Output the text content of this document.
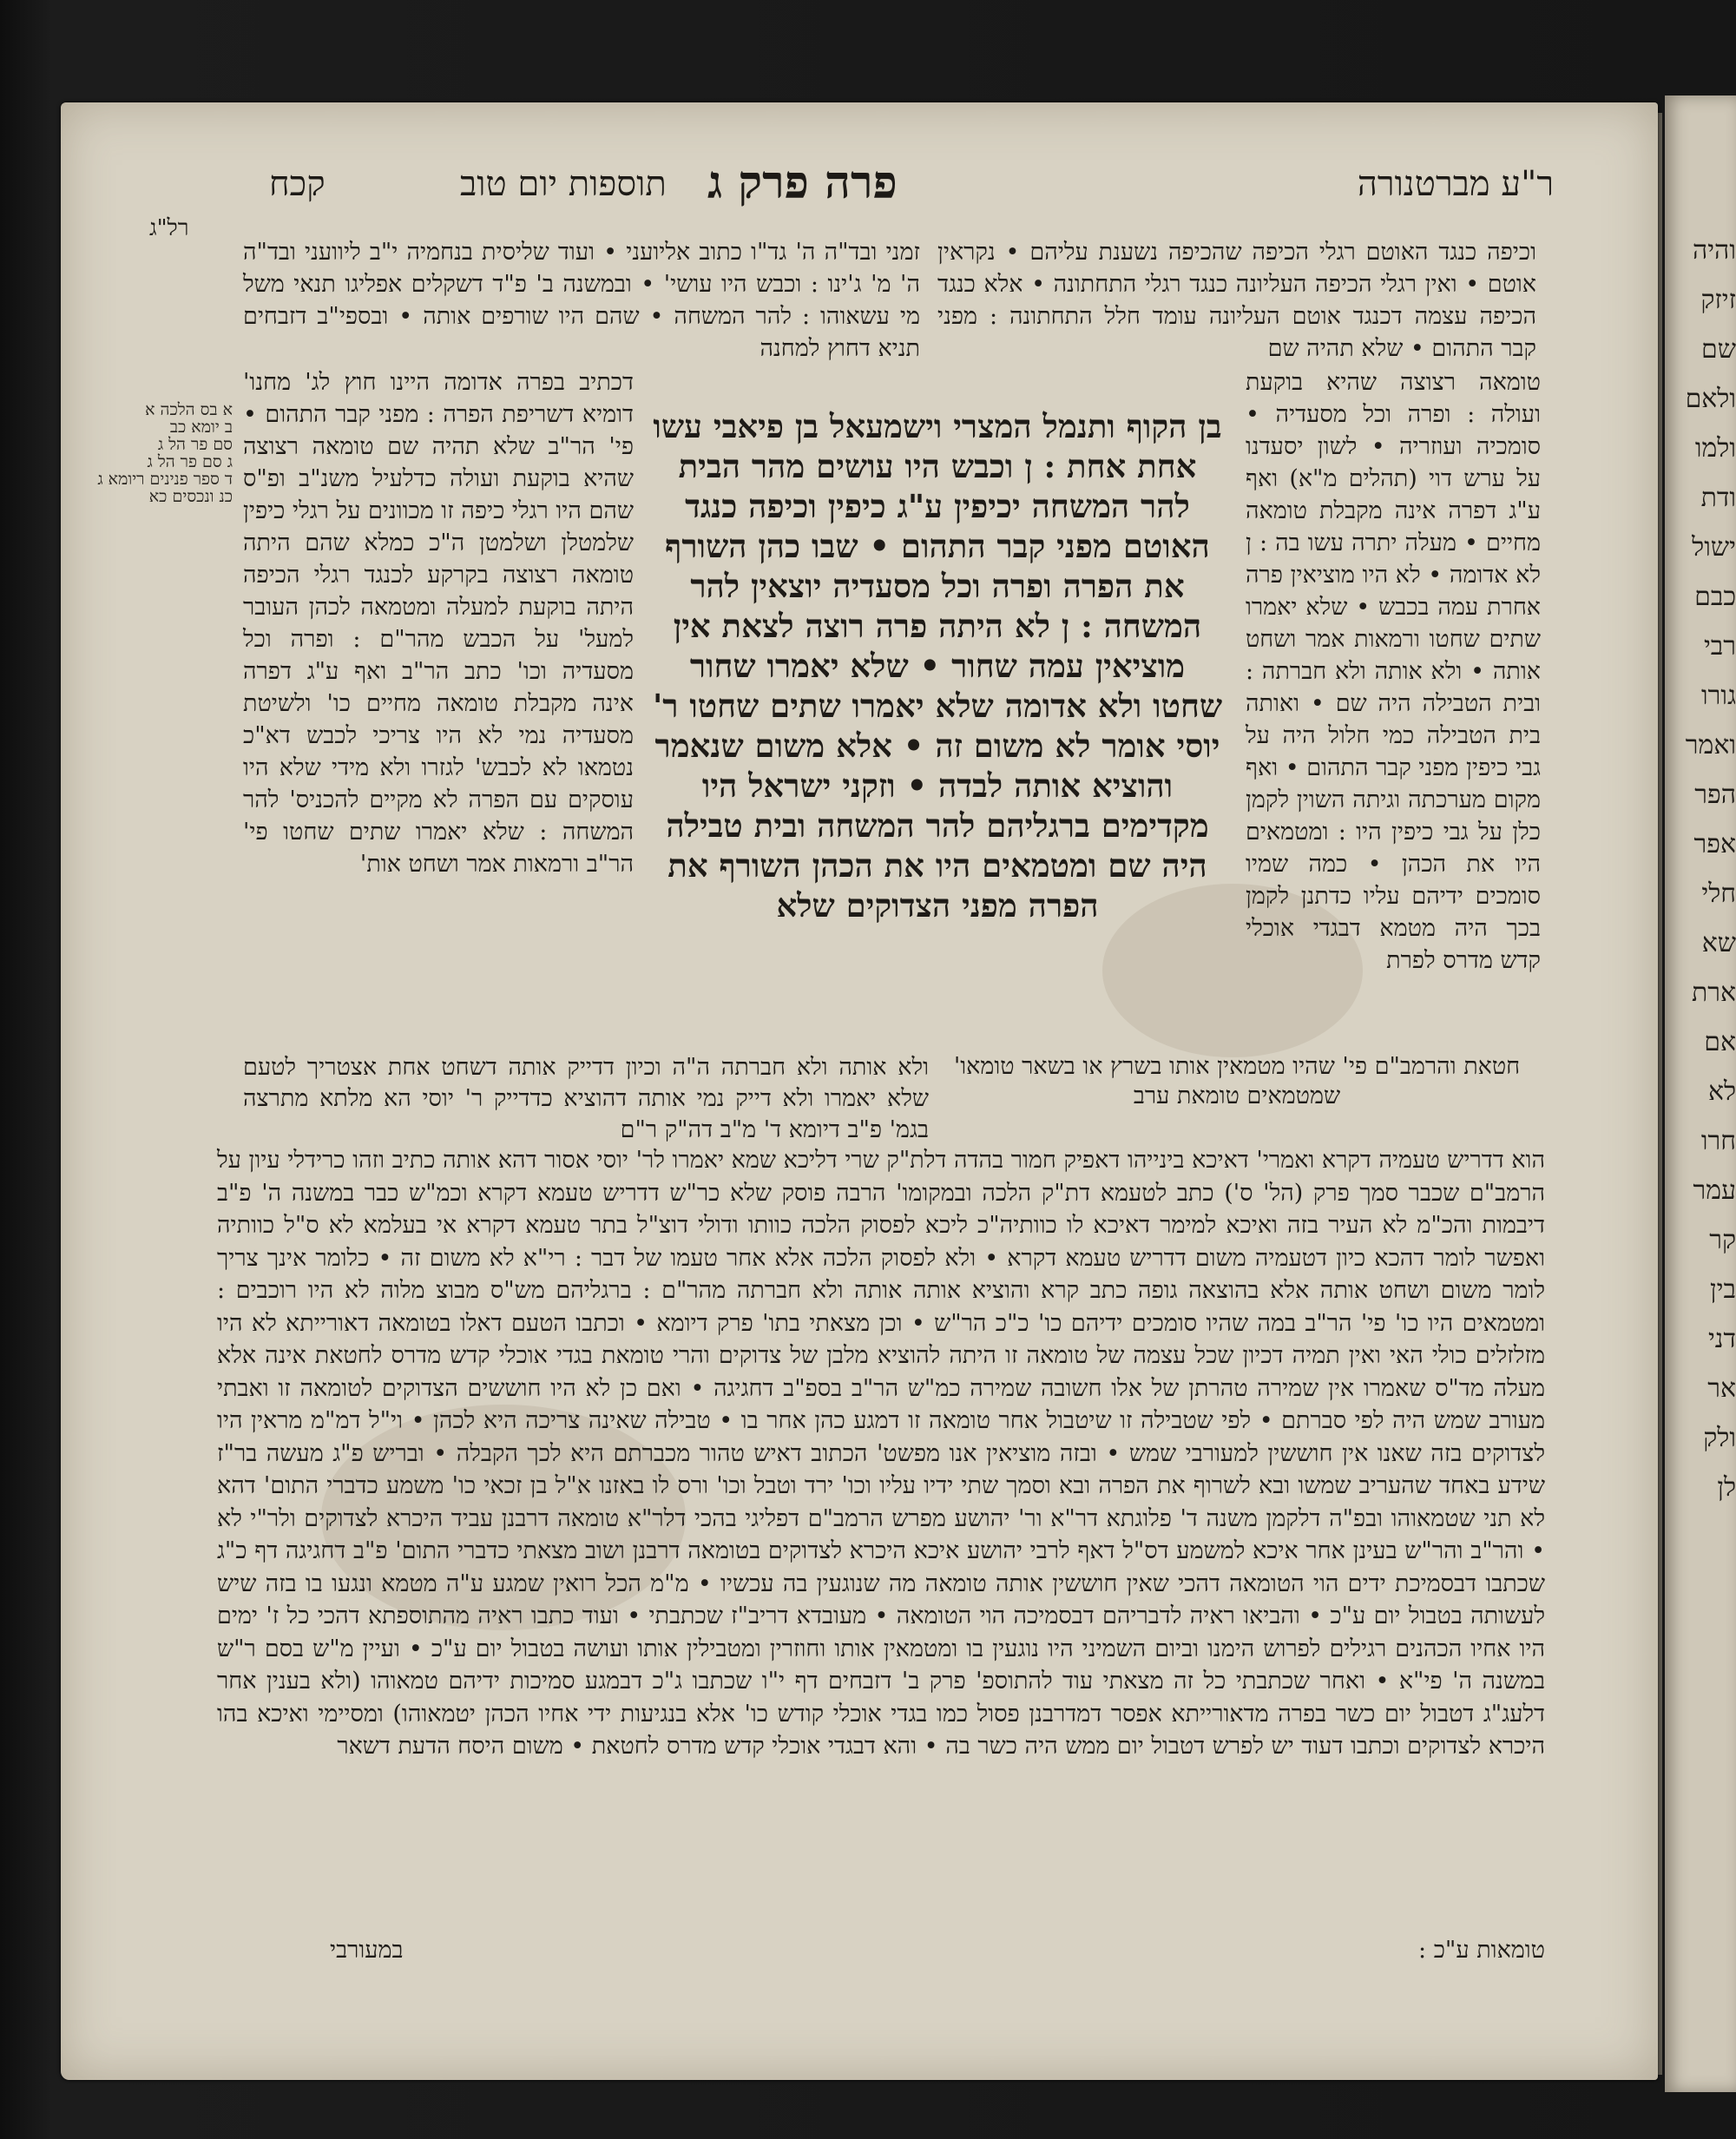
והיה
זיזק
שם
ולאם
ולמו
ודת
ישול
כבם
רבי
גורו
ואמר
הפר
אפר
חלי
שא
ארת
אם
לא
חרו
עמר
קר
בין
דני
אר
ולק
לן
ר"ע מברטנורה
פרה פרק ג
תוספות יום טוב
קכח
רל"ג
וכיפה כנגד האוטם רגלי הכיפה שהכיפה נשענת עליהם • נקראין אוטם • ואין רגלי הכיפה העליונה כנגד רגלי התחתונה • אלא כנגד הכיפה עצמה דכנגד אוטם העליונה עומד חלל התחתונה : מפני קבר התהום • שלא תהיה שם
טומאה רצוצה שהיא בוקעת ועולה : ופרה וכל מסעדיה • סומכיה ועוזריה • לשון יסעדנו על ערש דוי (תהלים מ"א) ואף ע"ג דפרה אינה מקבלת טומאה מחיים • מעלה יתרה עשו בה : ן לא אדומה • לא היו מוציאין פרה אחרת עמה בכבש • שלא יאמרו שתים שחטו ורמאות אמר ושחט אותה • ולא אותה ולא חברתה : ובית הטבילה היה שם • ואותה בית הטבילה כמי חלול היה על גבי כיפין מפני קבר התהום • ואף מקום מערכתה וגיתה השוין לקמן כלן על גבי כיפין היו : ומטמאים היו את הכהן • כמה שמיו סומכים ידיהם עליו כדתנן לקמן בכך היה מטמא דבגדי אוכלי קדש מדרס לפרת
זמני ובד"ה ה' גד"ו כתוב אליועני • ועוד שליסית בנחמיה י"ב ליוועני ובד"ה ה' מ' ג'ינו : וכבש היו עושי' • ובמשנה ב' פ"ד דשקלים אפליגו תנאי משל מי עשאוהו : להר המשחה • שהם היו שורפים אותה • ובספי"ב דזבחים תניא דחוץ למחנה
דכתיב בפרה אדומה היינו חוץ לג' מחנו' דומיא דשריפת הפרה : מפני קבר התהום • פי' הר"ב שלא תהיה שם טומאה רצוצה שהיא בוקעת ועולה כדלעיל משנ"ב ופ"ס שהם היו רגלי כיפה זו מכוונים על רגלי כיפין שלמטלן ושלמטן ה"כ כמלא שהם היתה טומאה רצוצה בקרקע לכנגד רגלי הכיפה היתה בוקעת למעלה ומטמאה לכהן העובר למעל' על הכבש מהר"ם : ופרה וכל מסעדיה וכו' כתב הר"ב ואף ע"ג דפרה אינה מקבלת טומאה מחיים כו' ולשיטת מסעדיה נמי לא היו צריכי לכבש דא"כ נטמאו לא לכבש' לגזרו ולא מידי שלא היו עוסקים עם הפרה לא מקיים להכניס' להר המשחה : שלא יאמרו שתים שחטו פי' הר"ב ורמאות אמר ושחט אות'
בן הקוף ותנמל המצרי וישמעאל בן פיאבי עשו אחת אחת : ן וכבש היו עושים מהר הבית להר המשחה יכיפין ע"ג כיפין וכיפה כנגד האוטם מפני קבר התהום • שבו כהן השורף את הפרה ופרה וכל מסעדיה יוצאין להר המשחה : ן לא היתה פרה רוצה לצאת אין מוציאין עמה שחור • שלא יאמרו שחור שחטו ולא אדומה שלא יאמרו שתים שחטו ר' יוסי אומר לא משום זה • אלא משום שנאמר והוציא אותה לבדה • וזקני ישראל היו מקדימים ברגליהם להר המשחה ובית טבילה היה שם ומטמאים היו את הכהן השורף את הפרה מפני הצדוקים שלא
חטאת והרמב"ם פי' שהיו מטמאין אותו בשרץ או בשאר טומאו' שמטמאים טומאת ערב
ולא אותה ולא חברתה ה"ה וכיון דדייק אותה דשחט אחת אצטריך לטעם שלא יאמרו ולא דייק נמי אותה דהוציא כדדייק ר' יוסי הא מלתא מתרצה בגמ' פ"ב דיומא ד' מ"ב דה"ק ר"ם
הוא דדריש טעמיה דקרא ואמרי' דאיכא בינייהו דאפיק חמור בהדה דלת"ק שרי דליכא שמא יאמרו לר' יוסי אסור דהא אותה כתיב וזהו כרידלי עיון על הרמב"ם שכבר סמך פרק (הל' ס') כתב לטעמא דת"ק הלכה ובמקומו' הרבה פוסק שלא כר"ש דדריש טעמא דקרא וכמ"ש כבר במשנה ה' פ"ב דיבמות והכ"מ לא העיר בזה ואיכא למימר דאיכא לו כוותיה"כ ליכא לפסוק הלכה כוותו ודולי דוצ"ל בתר טעמא דקרא אי בעלמא לא ס"ל כוותיה ואפשר לומר דהכא כיון דטעמיה משום דדריש טעמא דקרא • ולא לפסוק הלכה אלא אחר טעמו של דבר : רי"א לא משום זה • כלומר אינך צריך לומר משום ושחט אותה אלא בהוצאה גופה כתב קרא והוציא אותה אותה ולא חברתה מהר"ם : ברגליהם מש"ס מבוצ מלוה לא היו רוכבים : ומטמאים היו כו' פי' הר"ב במה שהיו סומכים ידיהם כו' כ"כ הר"ש • וכן מצאתי בתו' פרק דיומא • וכתבו הטעם דאלו בטומאה דאורייתא לא היו מזלזלים כולי האי ואין תמיה דכיון שכל עצמה של טומאה זו היתה להוציא מלבן של צדוקים והרי טומאת בגדי אוכלי קדש מדרס לחטאת אינה אלא מעלה מד"ס שאמרו אין שמירה טהרתן של אלו חשובה שמירה כמ"ש הר"ב בספ"ב דחגיגה • ואם כן לא היו חוששים הצדוקים לטומאה זו ואבתי מעורב שמש היה לפי סברתם • לפי שטבילה זו שיטבול אחר טומאה זו דמגע כהן אחר בו • טבילה שאינה צריכה היא לכהן • וי"ל דמ"מ מראין היו לצדוקים בזה שאנו אין חוששין למעורבי שמש • ובזה מוציאין אנו מפשט' הכתוב דאיש טהור מכברתם היא לכך הקבלה • ובריש פ"ג מעשה בר"ז שידע באחד שהעריב שמשו ובא לשרוף את הפרה ובא וסמך שתי ידיו עליו וכו' ירד וטבל וכו' ורס לו באזנו א"ל בן זכאי כו' משמע כדברי התום' דהא לא תני שטמאוהו ובפ"ה דלקמן משנה ד' פלוגתא דר"א ור' יהושע מפרש הרמב"ם דפליגי בהכי דלר"א טומאה דרבנן עביד היכרא לצדוקים ולר"י לא • והר"ב והר"ש בעינן אחר איכא למשמע דס"ל דאף לרבי יהושע איכא היכרא לצדוקים בטומאה דרבנן ושוב מצאתי כדברי התום' פ"ב דחגיגה דף כ"ג שכתבו דבסמיכת ידים הוי הטומאה דהכי שאין חוששין אותה טומאה מה שנוגעין בה עכשיו • מ"מ הכל רואין שמגע ע"ה מטמא ונגעו בו בזה שיש לעשותה בטבול יום ע"כ • והביאו ראיה לדבריהם דבסמיכה הוי הטומאה • מעובדא דריב"ז שכתבתי • ועוד כתבו ראיה מהתוספתא דהכי כל ז' ימים היו אחיו הכהנים רגילים לפרוש הימנו וביום השמיני היו נוגעין בו ומטמאין אותו וחוזרין ומטבילין אותו ועושה בטבול יום ע"כ • ועיין מ"ש בסם ר"ש במשנה ה' פי"א • ואחר שכתבתי כל זה מצאתי עוד להתוספ' פרק ב' דזבחים דף י"ו שכתבו ג"כ דבמגע סמיכות ידיהם טמאוהו (ולא בענין אחר דלעג"ג דטבול יום כשר בפרה מדאורייתא אפסר דמדרבנן פסול כמו בגדי אוכלי קודש כו' אלא בנגיעות ידי אחיו הכהן יטמאוהו) ומסיימי ואיכא בהו היכרא לצדוקים וכתבו דעוד יש לפרש דטבול יום ממש היה כשר בה • והא דבגדי אוכלי קדש מדרס לחטאת • משום היסח הדעת דשאר
טומאות ע"כ :
במעורבי
א בס הלכה א
ב יומא כב
סם פר הל ג
ג סם פר הל ג
ד ספר פנינים ריומא ג
כנ ונכסים כא
